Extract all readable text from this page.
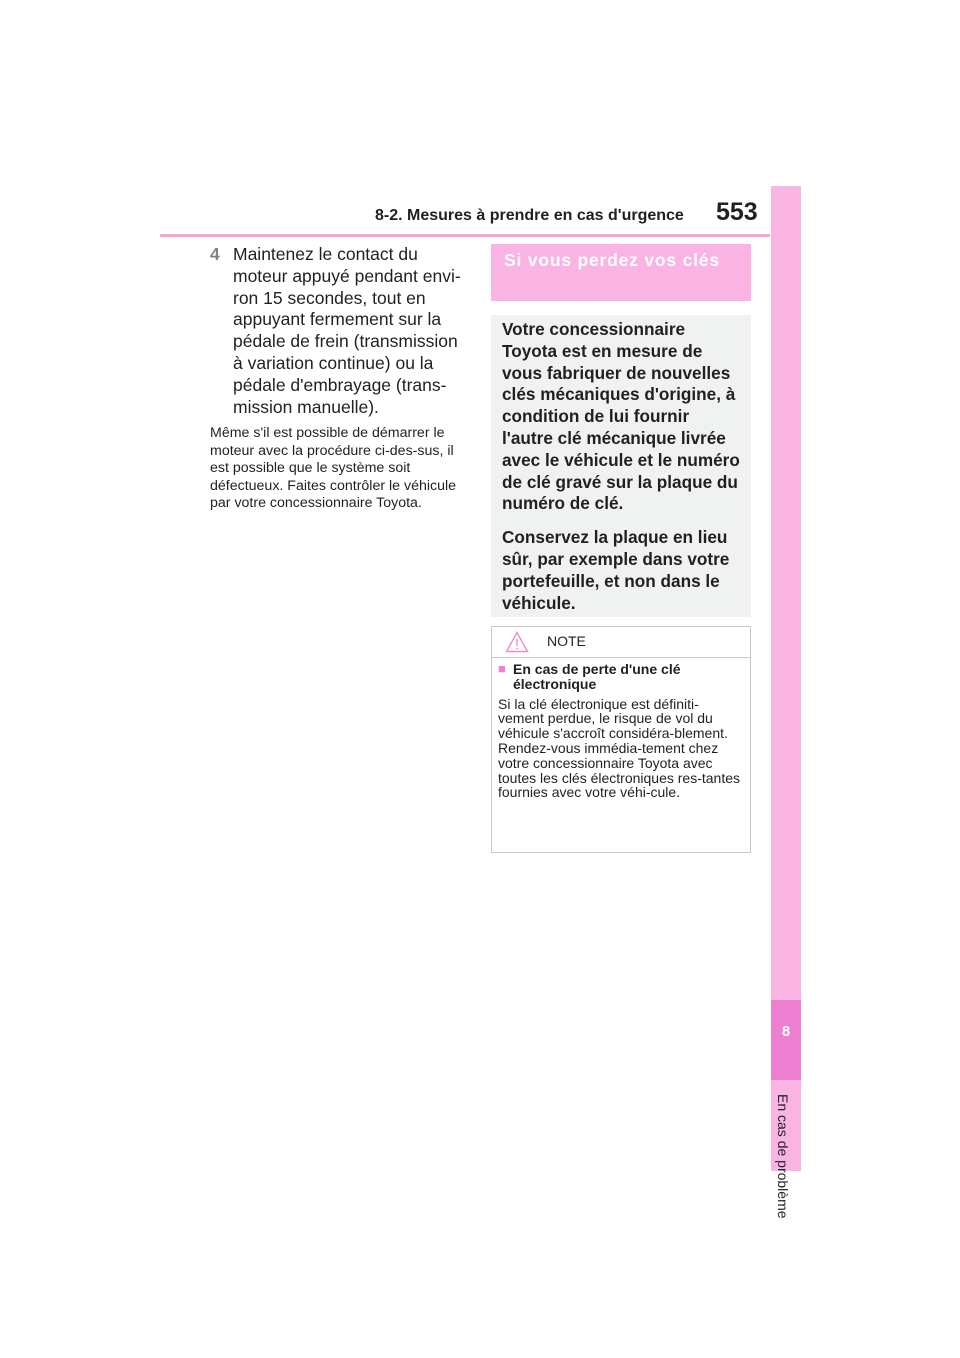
8-2. Mesures à prendre en cas d'urgence	553
8
En cas de problème
4 Maintenez le contact du moteur appuyé pendant envi-ron 15 secondes, tout en appuyant fermement sur la pédale de frein (transmission à variation continue) ou la pédale d'embrayage (trans-mission manuelle).
Même s'il est possible de démarrer le moteur avec la procédure ci-des-sus, il est possible que le système soit défectueux. Faites contrôler le véhicule par votre concessionnaire Toyota.
Si vous perdez vos clés

Votre concessionnaire Toyota est en mesure de vous fabriquer de nouvelles clés mécaniques d'origine, à condition de lui fournir l'autre clé mécanique livrée avec le véhicule et le numéro de clé gravé sur la plaque du numéro de clé.

Conservez la plaque en lieu sûr, par exemple dans votre portefeuille, et non dans le véhicule.

NOTE
■ En cas de perte d'une clé électronique

Si la clé électronique est définiti-vement perdue, le risque de vol du véhicule s'accroît considéra-blement. Rendez-vous immédia-tement chez votre concessionnaire Toyota avec toutes les clés électroniques res-tantes fournies avec votre véhi-cule.
